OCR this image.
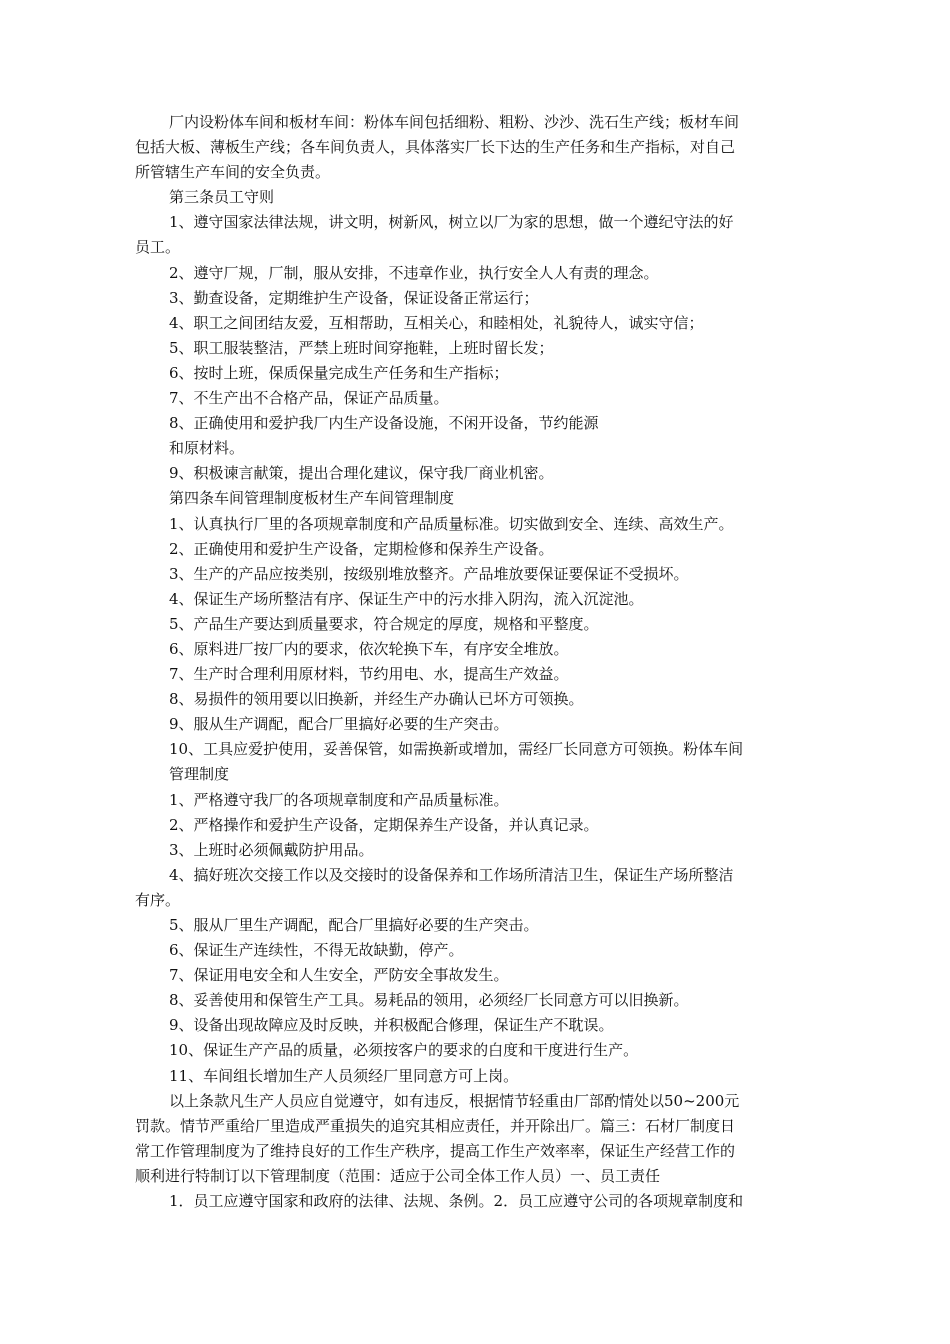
厂内设粉体车间和板材车间：粉体车间包括细粉、粗粉、沙沙、洗石生产线；板材车间
包括大板、薄板生产线；各车间负责人，具体落实厂长下达的生产任务和生产指标，对自己
所管辖生产车间的安全负责。
第三条员工守则
1、遵守国家法律法规，讲文明，树新风，树立以厂为家的思想，做一个遵纪守法的好
员工。
2、遵守厂规，厂制，服从安排，不违章作业，执行安全人人有责的理念。
3、勤查设备，定期维护生产设备，保证设备正常运行；
4、职工之间团结友爱，互相帮助，互相关心，和睦相处，礼貌待人，诚实守信；
5、职工服装整洁，严禁上班时间穿拖鞋，上班时留长发；
6、按时上班，保质保量完成生产任务和生产指标；
7、不生产出不合格产品，保证产品质量。
8、正确使用和爱护我厂内生产设备设施，不闲开设备，节约能源
和原材料。
9、积极谏言献策，提出合理化建议，保守我厂商业机密。
第四条车间管理制度板材生产车间管理制度
1、认真执行厂里的各项规章制度和产品质量标准。切实做到安全、连续、高效生产。
2、正确使用和爱护生产设备，定期检修和保养生产设备。
3、生产的产品应按类别，按级别堆放整齐。产品堆放要保证要保证不受损坏。
4、保证生产场所整洁有序、保证生产中的污水排入阴沟，流入沉淀池。
5、产品生产要达到质量要求，符合规定的厚度，规格和平整度。
6、原料进厂按厂内的要求，依次轮换下车，有序安全堆放。
7、生产时合理利用原材料，节约用电、水，提高生产效益。
8、易损件的领用要以旧换新，并经生产办确认已坏方可领换。
9、服从生产调配，配合厂里搞好必要的生产突击。
10、工具应爱护使用，妥善保管，如需换新或增加，需经厂长同意方可领换。粉体车间
管理制度
1、严格遵守我厂的各项规章制度和产品质量标准。
2、严格操作和爱护生产设备，定期保养生产设备，并认真记录。
3、上班时必须佩戴防护用品。
4、搞好班次交接工作以及交接时的设备保养和工作场所清洁卫生，保证生产场所整洁
有序。
5、服从厂里生产调配，配合厂里搞好必要的生产突击。
6、保证生产连续性，不得无故缺勤，停产。
7、保证用电安全和人生安全，严防安全事故发生。
8、妥善使用和保管生产工具。易耗品的领用，必须经厂长同意方可以旧换新。
9、设备出现故障应及时反映，并积极配合修理，保证生产不耽误。
10、保证生产产品的质量，必须按客户的要求的白度和干度进行生产。
11、车间组长增加生产人员须经厂里同意方可上岗。
以上条款凡生产人员应自觉遵守，如有违反，根据情节轻重由厂部酌情处以50~200元
罚款。情节严重给厂里造成严重损失的追究其相应责任，并开除出厂。篇三：石材厂制度日
常工作管理制度为了维持良好的工作生产秩序，提高工作生产效率率，保证生产经营工作的
顺利进行特制订以下管理制度（范围：适应于公司全体工作人员）一、员工责任
1．员工应遵守国家和政府的法律、法规、条例。2．员工应遵守公司的各项规章制度和
